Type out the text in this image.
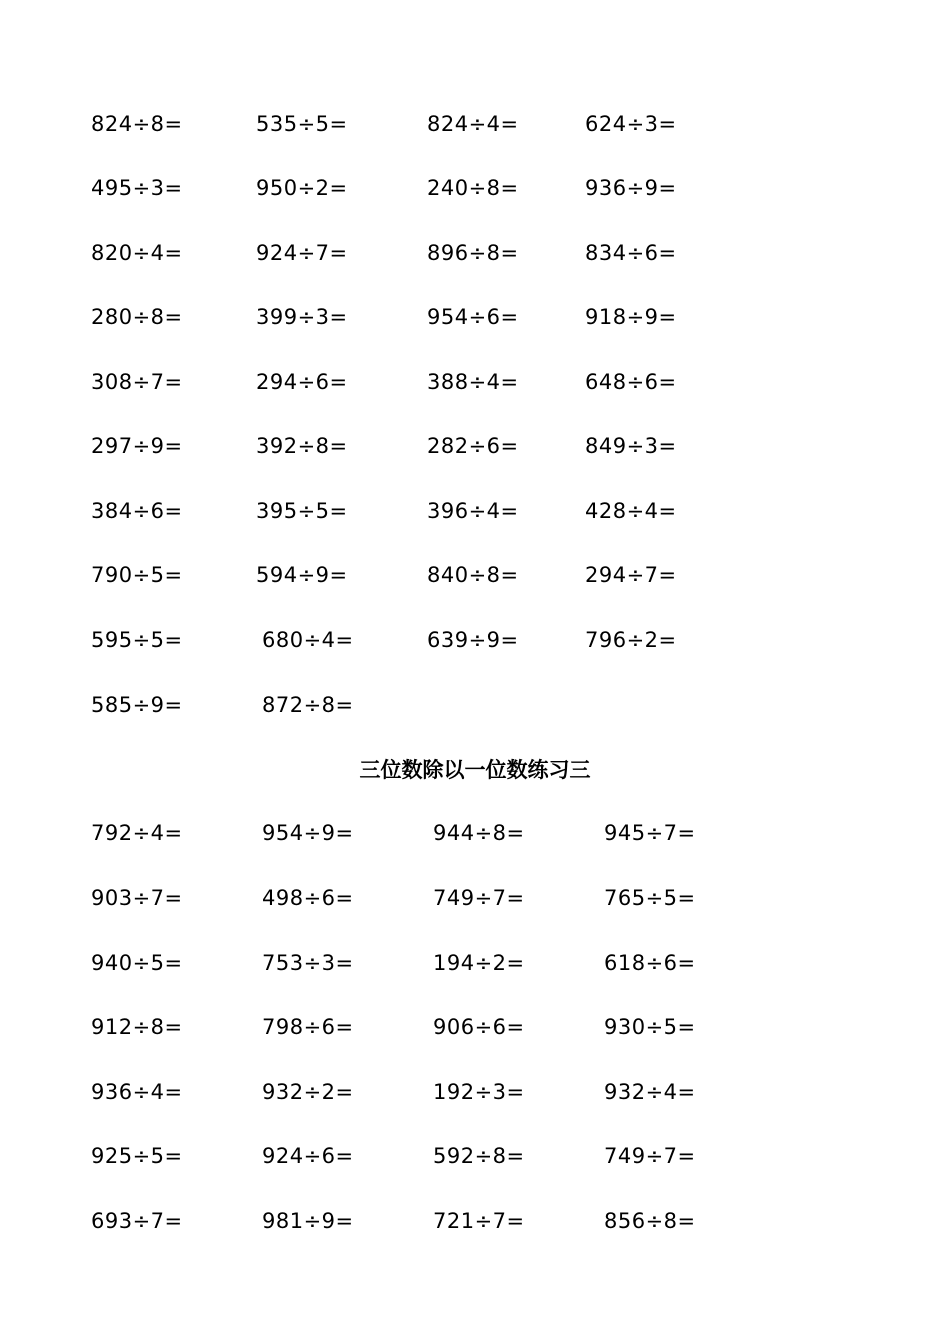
824÷8=	535÷5=	824÷4=	624÷3=
495÷3=	950÷2=	240÷8=	936÷9=
820÷4=	924÷7=	896÷8=	834÷6=
280÷8=	399÷3=	954÷6=	918÷9=
308÷7=	294÷6=	388÷4=	648÷6=
297÷9=	392÷8=	282÷6=	849÷3=
384÷6=	395÷5=	396÷4=	428÷4=
790÷5=	594÷9=	840÷8=	294÷7=
595÷5=	680÷4=	639÷9=	796÷2=
585÷9=	872÷8=
三位数除以一位数练习三
792÷4=	954÷9=	944÷8=	945÷7=
903÷7=	498÷6=	749÷7=	765÷5=
940÷5=	753÷3=	194÷2=	618÷6=
912÷8=	798÷6=	906÷6=	930÷5=
936÷4=	932÷2=	192÷3=	932÷4=
925÷5=	924÷6=	592÷8=	749÷7=
693÷7=	981÷9=	721÷7=	856÷8=
